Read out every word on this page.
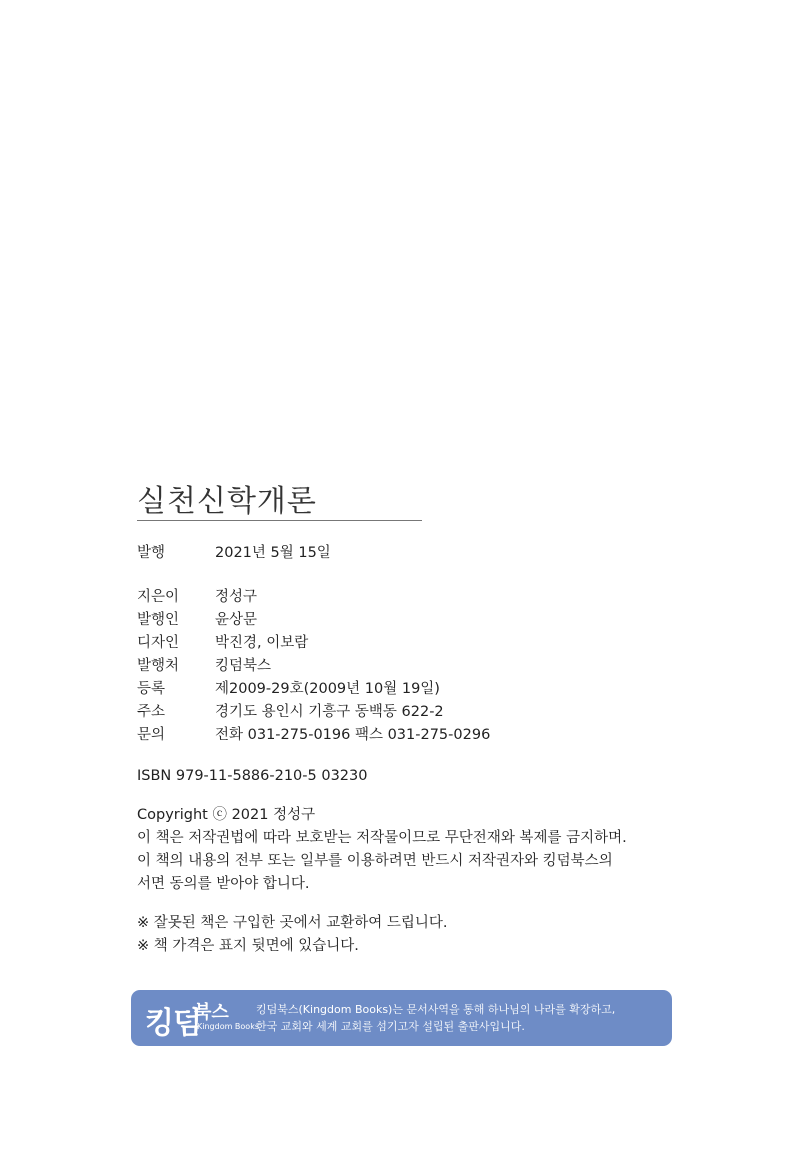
실천신학개론
발행	2021년 5월 15일
지은이 정성구
발행인 윤상문
디자인 박진경, 이보람
발행처 킹덤북스
등록	제2009-29호(2009년 10월 19일)
주소	경기도 용인시 기흥구 동백동 622-2
문의	전화 031-275-0196 팩스 031-275-0296
ISBN 979-11-5886-210-5 03230
Copyright ⓒ 2021 정성구
이 책은 저작권법에 따라 보호받는 저작물이므로 무단전재와 복제를 금지하며.
이 책의 내용의 전부 또는 일부를 이용하려면 반드시 저작권자와 킹덤북스의
서면 동의를 받아야 합니다.
※ 잘못된 책은 구입한 곳에서 교환하여 드립니다.
※ 책 가격은 표지 뒷면에 있습니다.
킹덤
북스
Kingdom Books
킹덤북스(Kingdom Books)는 문서사역을 통해 하나님의 나라를 확장하고,
한국 교회와 세계 교회를 섬기고자 설립된 출판사입니다.
